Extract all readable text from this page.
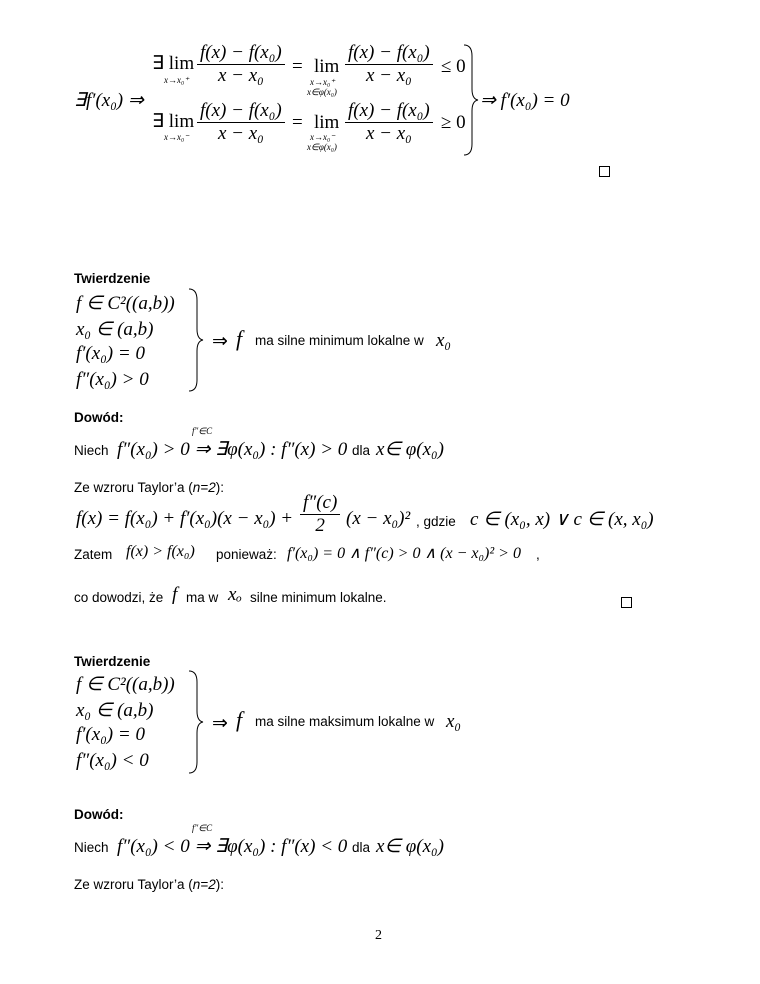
∃f′(x₀) ⇒
∃ lim
$x\to x_0^+ \frac{\text{f(x) − f(x₀)}}{\text{x − x₀}} = \lim$
x→x₀⁺
x∈φ(x₀)
$\frac{\text{f(x) − f(x₀)}}{\text{x − x₀}} \le 0$
∃ lim
$x\to x_0^- \frac{\text{f(x) − f(x₀)}}{\text{x − x₀}} = \lim$
x→x₀⁻
x∈φ(x₀)
$\frac{\text{f(x) − f(x₀)}}{\text{x − x₀}} \ge 0$
⇒ f′(x₀) = 0
Twierdzenie
f ∈ C²((a,b))
x₀ ∈ (a,b)
f′(x₀) = 0
f″(x₀) > 0
⇒ f ma silne minimum lokalne w x₀
Dowód:
f″∈C
Niech f″(x₀) > 0 ⇒ ∃φ(x₀) : f″(x) > 0 dla x∈ φ(x₀)
Ze wzroru Taylor’a (n=2):
$f(x) = f(x_0) + f'(x_0)(x - x_0) + \frac{f''(c)}{2} (x - x_0)^2$ , gdzie c ∈ (x₀, x) ∨ c ∈ (x, x₀)
Zatem f(x) > f(x₀) ponieważ: f′(x₀) = 0 ∧ f″(c) > 0 ∧ (x − x₀)² > 0 ,
co dowodzi, że f ma w xₒ silne minimum lokalne.
Twierdzenie
f ∈ C²((a,b))
x₀ ∈ (a,b)
f′(x₀) = 0
f″(x₀) < 0
⇒ f ma silne maksimum lokalne w x₀
Dowód:
f″∈C
Niech f″(x₀) < 0 ⇒ ∃φ(x₀) : f″(x) < 0 dla x∈ φ(x₀)
Ze wzroru Taylor’a (n=2):
2
